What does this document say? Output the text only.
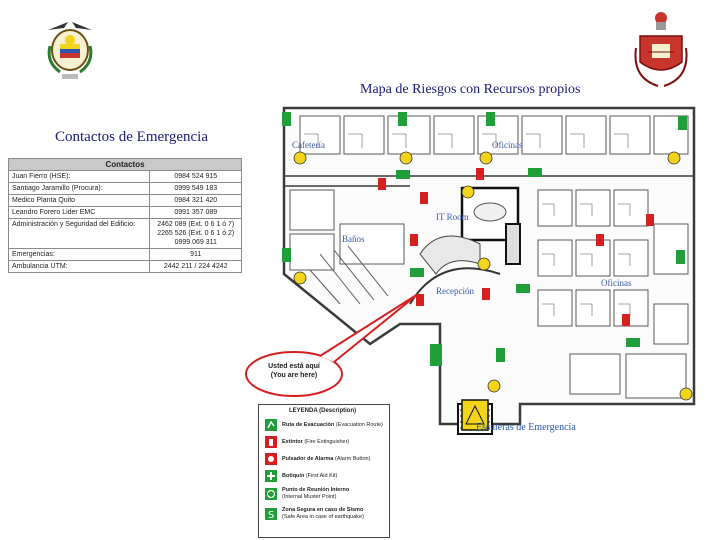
Mapa de Riesgos con Recursos propios
Contactos de Emergencia
Contactos	
Juan Fierro (HSE):	0984 524 915
Santiago Jaramillo (Procura):	0999 549 183
Medico Planta Quito	0984 321 420
Leandro Forero Lider EMC	0991 357 089
Administración y Seguridad del Edificio:	2462 089 (Ext. 0 6 1 ó 7)
2265 526 (Ext. 0 6 1 ó 2)
0999 069 311
Emergencias:	911
Ambulancia UTM:	2442 211 / 224 4242
Cafetería	Oficinas
IT Room
Baños
Recepción
Oficinas
Escaleras de Emergencia
Usted está aquí
(You are here)
LEYENDA (Description)
Ruta de Evacuación (Evacuation Route)
Extintor (Fire Extinguisher)
Pulsador de Alarma (Alarm Button)
Botiquín (First Aid Kit)
Punto de Reunión Interno
(Internal Muster Point)
S Zona Segura en caso de Sismo
(Safe Area in case of earthquake)
